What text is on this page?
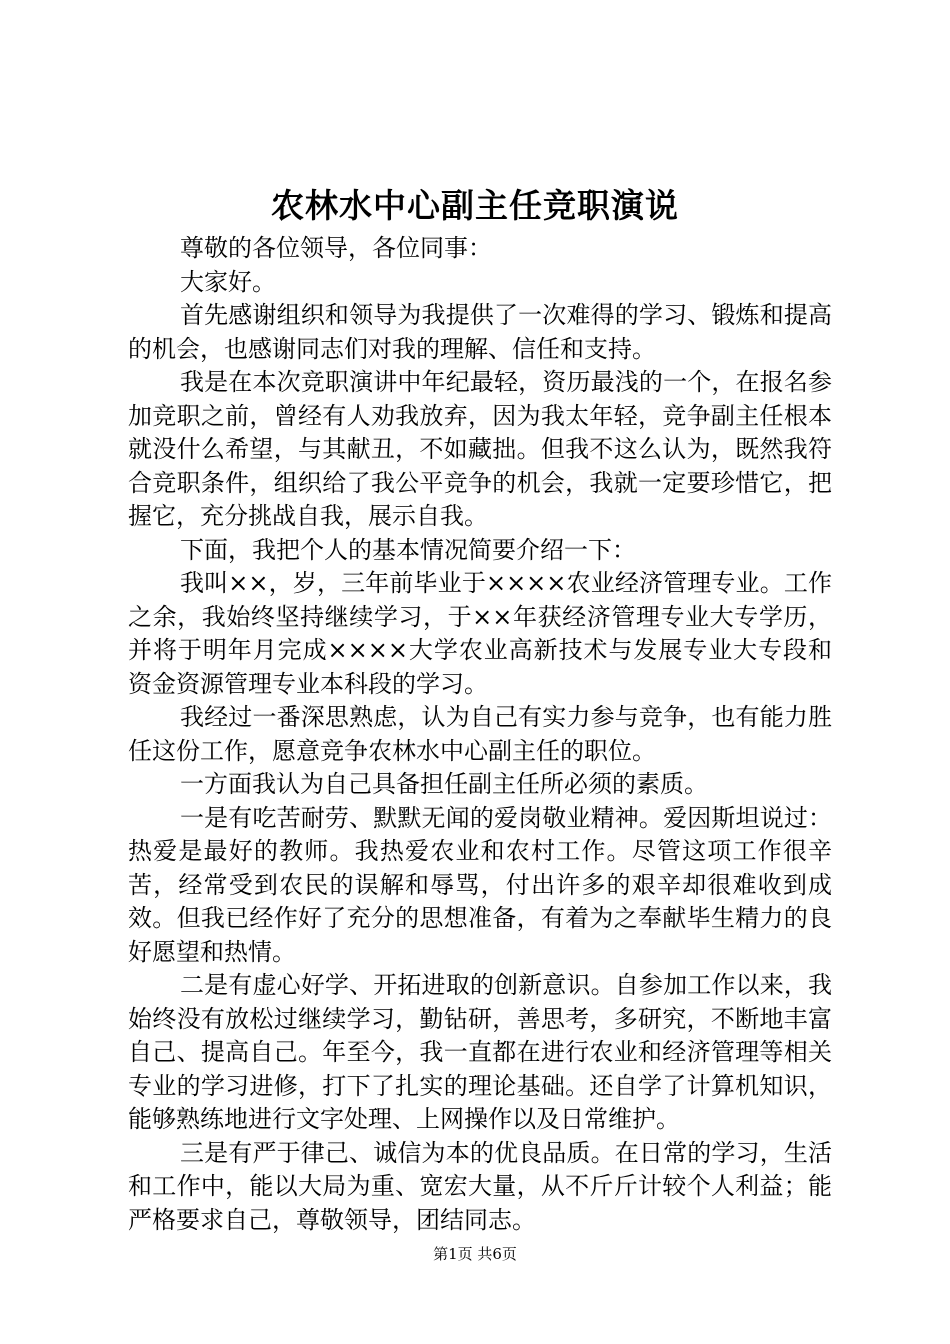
农林水中心副主任竞职演说

尊敬的各位领导，各位同事：

大家好。

首先感谢组织和领导为我提供了一次难得的学习、锻炼和提高的机会，也感谢同志们对我的理解、信任和支持。

我是在本次竞职演讲中年纪最轻，资历最浅的一个，在报名参加竞职之前，曾经有人劝我放弃，因为我太年轻，竞争副主任根本就没什么希望，与其献丑，不如藏拙。但我不这么认为，既然我符合竞职条件，组织给了我公平竞争的机会，我就一定要珍惜它，把握它，充分挑战自我，展示自我。

下面，我把个人的基本情况简要介绍一下：

我叫××，岁，三年前毕业于××××农业经济管理专业。工作之余，我始终坚持继续学习，于××年获经济管理专业大专学历，并将于明年月完成××××大学农业高新技术与发展专业大专段和资金资源管理专业本科段的学习。

我经过一番深思熟虑，认为自己有实力参与竞争，也有能力胜任这份工作，愿意竞争农林水中心副主任的职位。

一方面我认为自己具备担任副主任所必须的素质。

一是有吃苦耐劳、默默无闻的爱岗敬业精神。爱因斯坦说过：热爱是最好的教师。我热爱农业和农村工作。尽管这项工作很辛苦，经常受到农民的误解和辱骂，付出许多的艰辛却很难收到成效。但我已经作好了充分的思想准备，有着为之奉献毕生精力的良好愿望和热情。

二是有虚心好学、开拓进取的创新意识。自参加工作以来，我始终没有放松过继续学习，勤钻研，善思考，多研究，不断地丰富自己、提高自己。年至今，我一直都在进行农业和经济管理等相关专业的学习进修，打下了扎实的理论基础。还自学了计算机知识，能够熟练地进行文字处理、上网操作以及日常维护。

三是有严于律己、诚信为本的优良品质。在日常的学习，生活和工作中，能以大局为重、宽宏大量，从不斤斤计较个人利益；能严格要求自己，尊敬领导，团结同志。

第1页 共6页
